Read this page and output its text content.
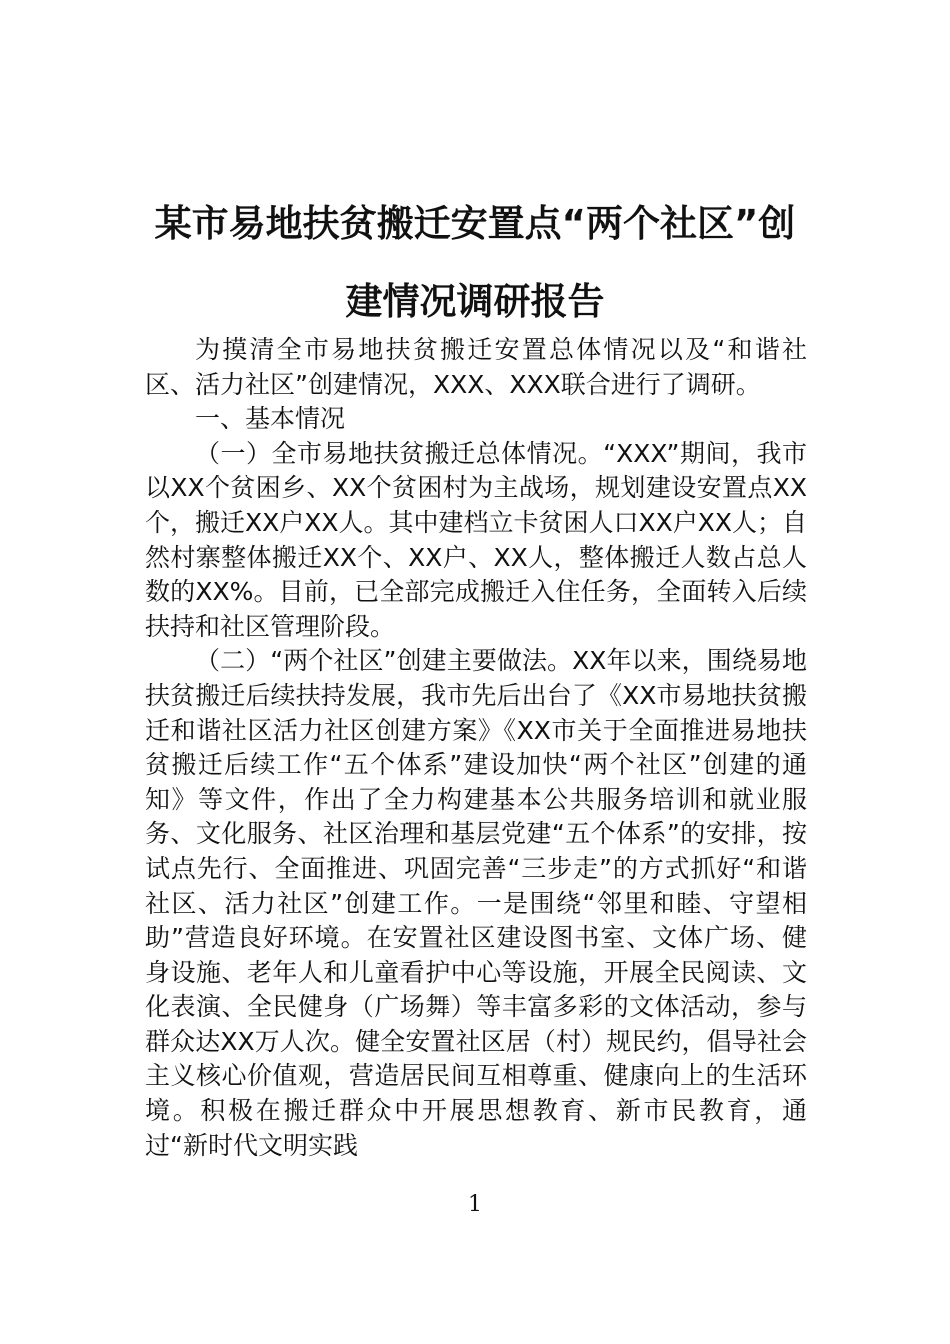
某市易地扶贫搬迁安置点“两个社区”创建情况调研报告

为摸清全市易地扶贫搬迁安置总体情况以及“和谐社区、活力社区”创建情况，XXX、XXX联合进行了调研。

一、基本情况

（一）全市易地扶贫搬迁总体情况。“XXX”期间，我市以XX个贫困乡、XX个贫困村为主战场，规划建设安置点XX个，搬迁XX户XX人。其中建档立卡贫困人口XX户XX人；自然村寨整体搬迁XX个、XX户、XX人，整体搬迁人数占总人数的XX%。目前，已全部完成搬迁入住任务，全面转入后续扶持和社区管理阶段。

（二）“两个社区”创建主要做法。XX年以来，围绕易地扶贫搬迁后续扶持发展，我市先后出台了《XX市易地扶贫搬迁和谐社区活力社区创建方案》《XX市关于全面推进易地扶贫搬迁后续工作“五个体系”建设加快“两个社区”创建的通知》等文件，作出了全力构建基本公共服务培训和就业服务、文化服务、社区治理和基层党建“五个体系”的安排，按试点先行、全面推进、巩固完善“三步走”的方式抓好“和谐社区、活力社区”创建工作。一是围绕“邻里和睦、守望相助”营造良好环境。在安置社区建设图书室、文体广场、健身设施、老年人和儿童看护中心等设施，开展全民阅读、文化表演、全民健身（广场舞）等丰富多彩的文体活动，参与群众达XX万人次。健全安置社区居（村）规民约，倡导社会主义核心价值观，营造居民间互相尊重、健康向上的生活环境。积极在搬迁群众中开展思想教育、新市民教育，通过“新时代文明实践

1
